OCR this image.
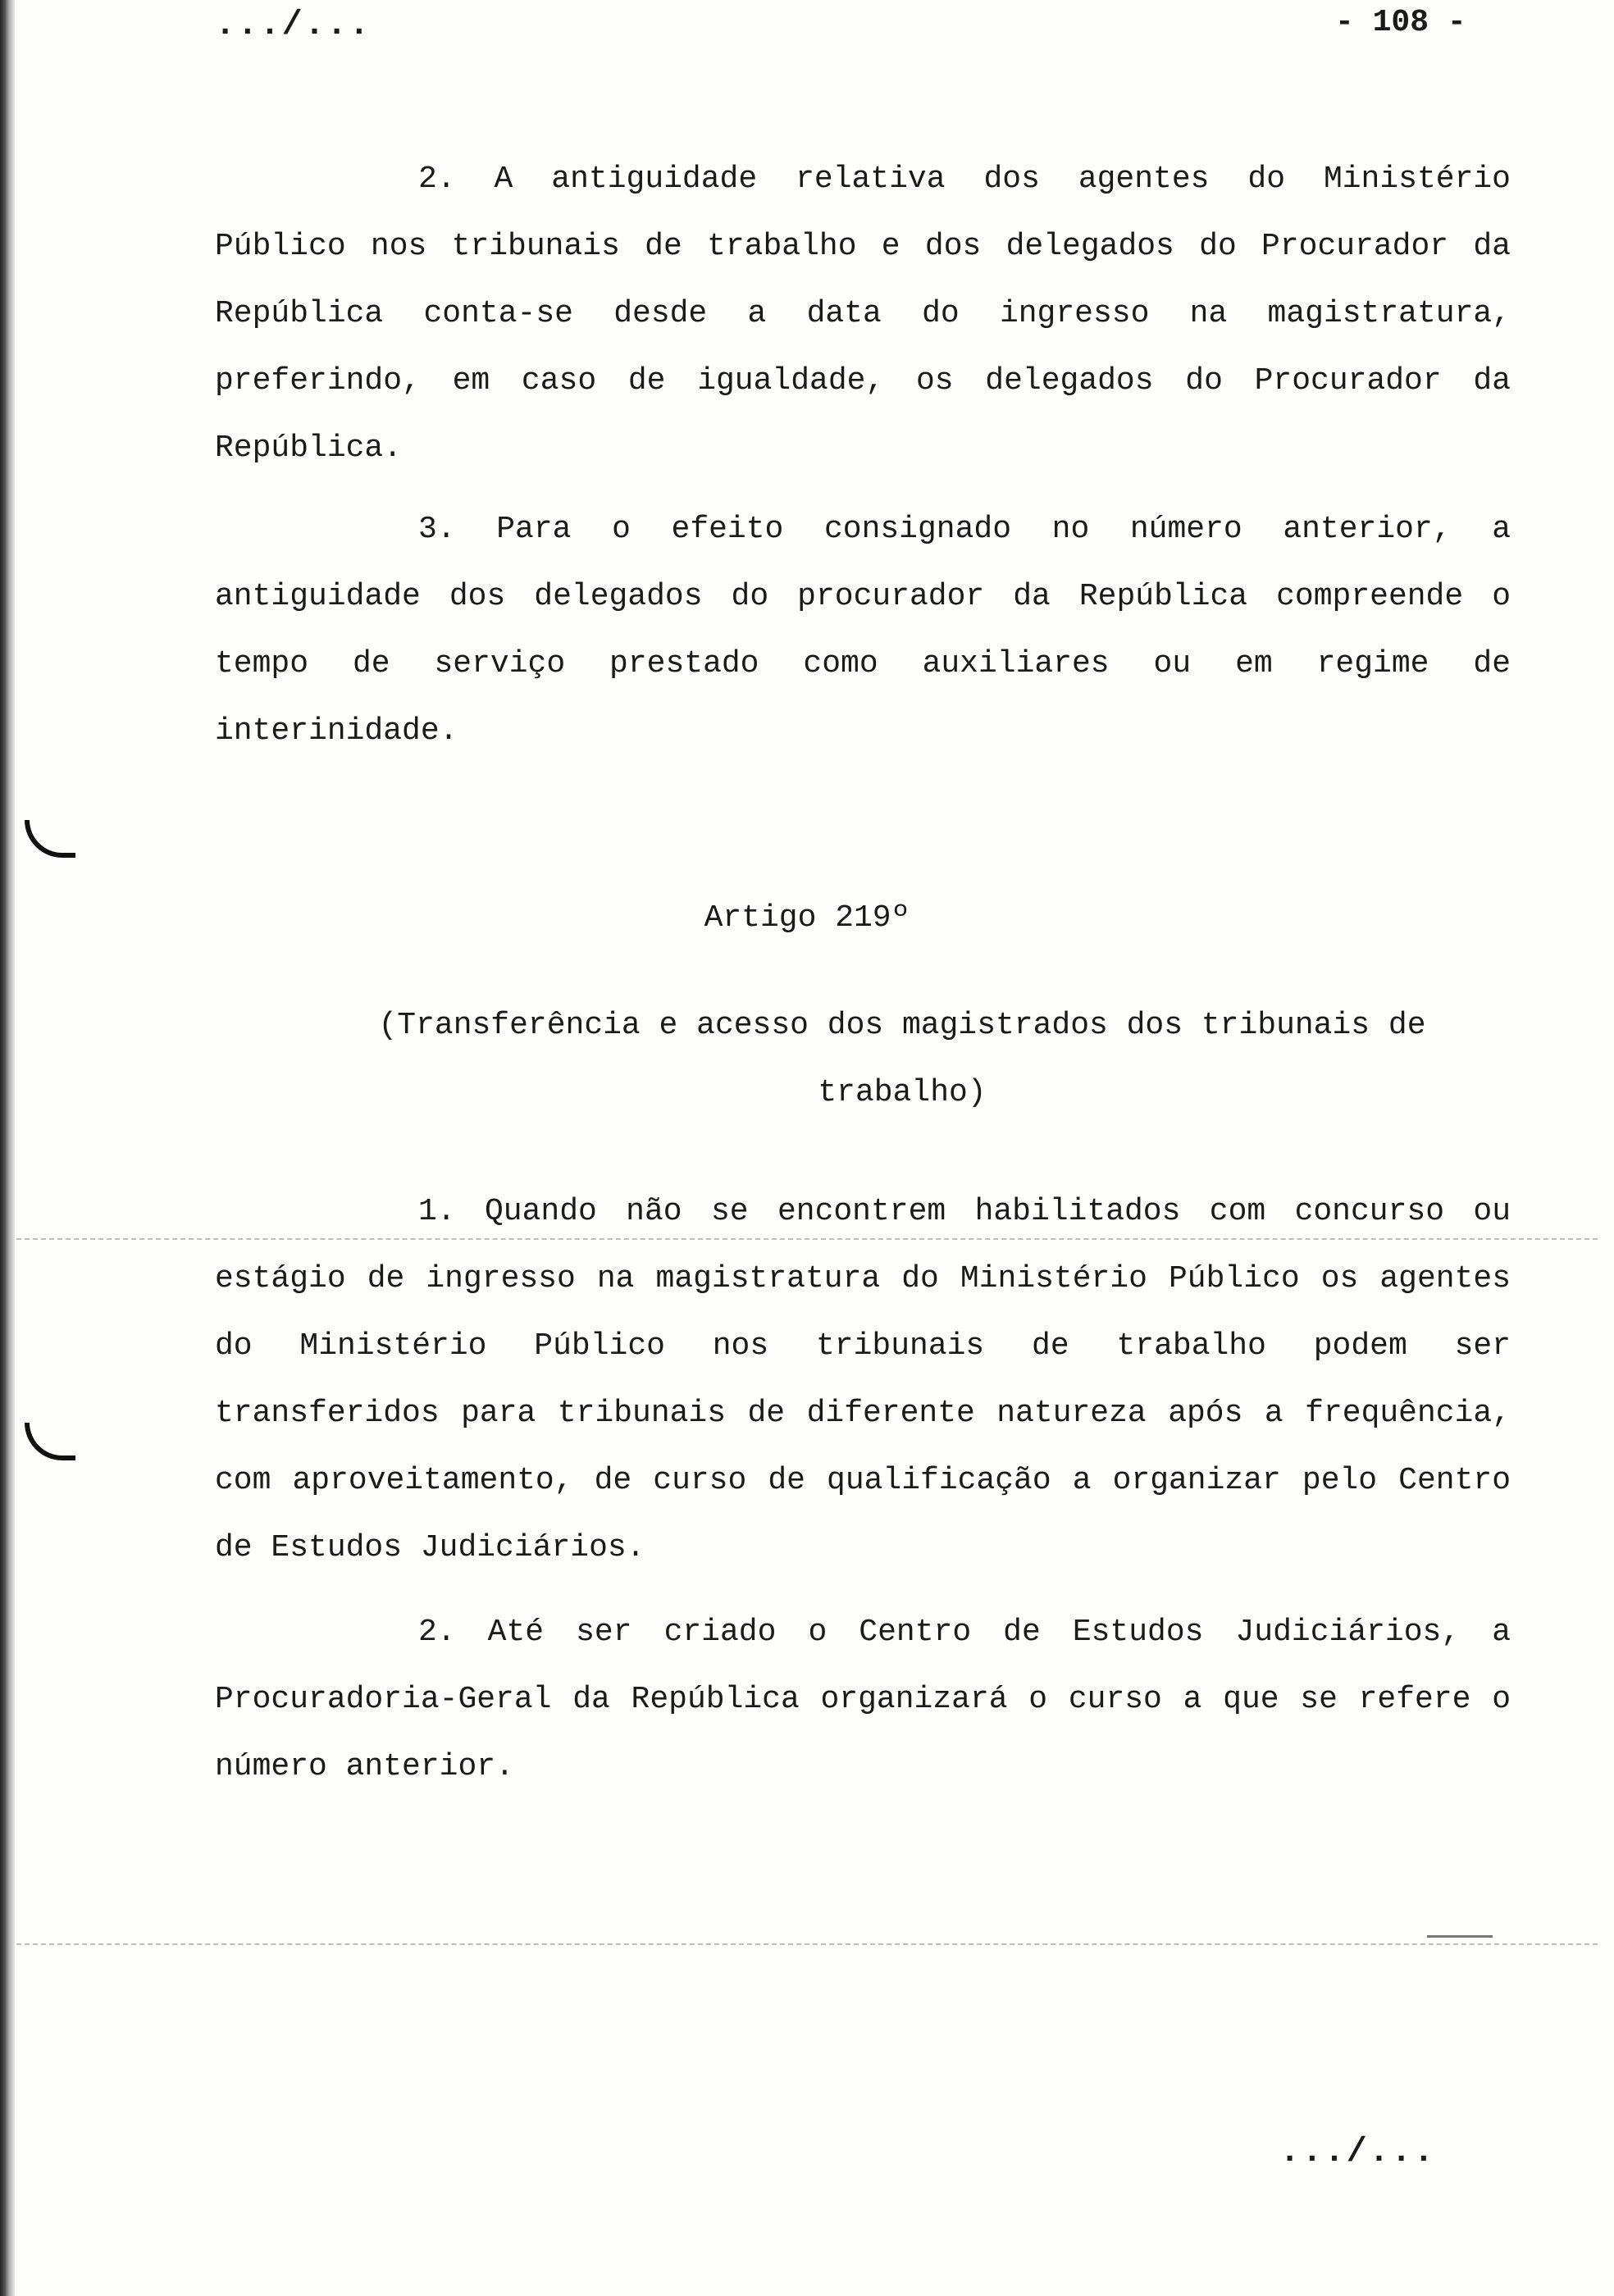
.../...	- 108 -

2. A antiguidade relativa dos agentes do Ministério Público nos tribunais de trabalho e dos delegados do Procurador da República conta-se desde a data do ingresso na magistratura, preferindo, em caso de igualdade, os delegados do Procurador da República.

3. Para o efeito consignado no número anterior, a antiguidade dos delegados do procurador da República compreende o tempo de serviço prestado como auxiliares ou em regime de interinidade.

Artigo 219º

(Transferência e acesso dos magistrados dos tribunais de trabalho)

1. Quando não se encontrem habilitados com concurso ou estágio de ingresso na magistratura do Ministério Público os agentes do Ministério Público nos tribunais de trabalho podem ser transferidos para tribunais de diferente natureza após a frequência, com aproveitamento, de curso de qualificação a organizar pelo Centro de Estudos Judiciários.

2. Até ser criado o Centro de Estudos Judiciários, a Procuradoria-Geral da República organizará o curso a que se refere o número anterior.

.../...
